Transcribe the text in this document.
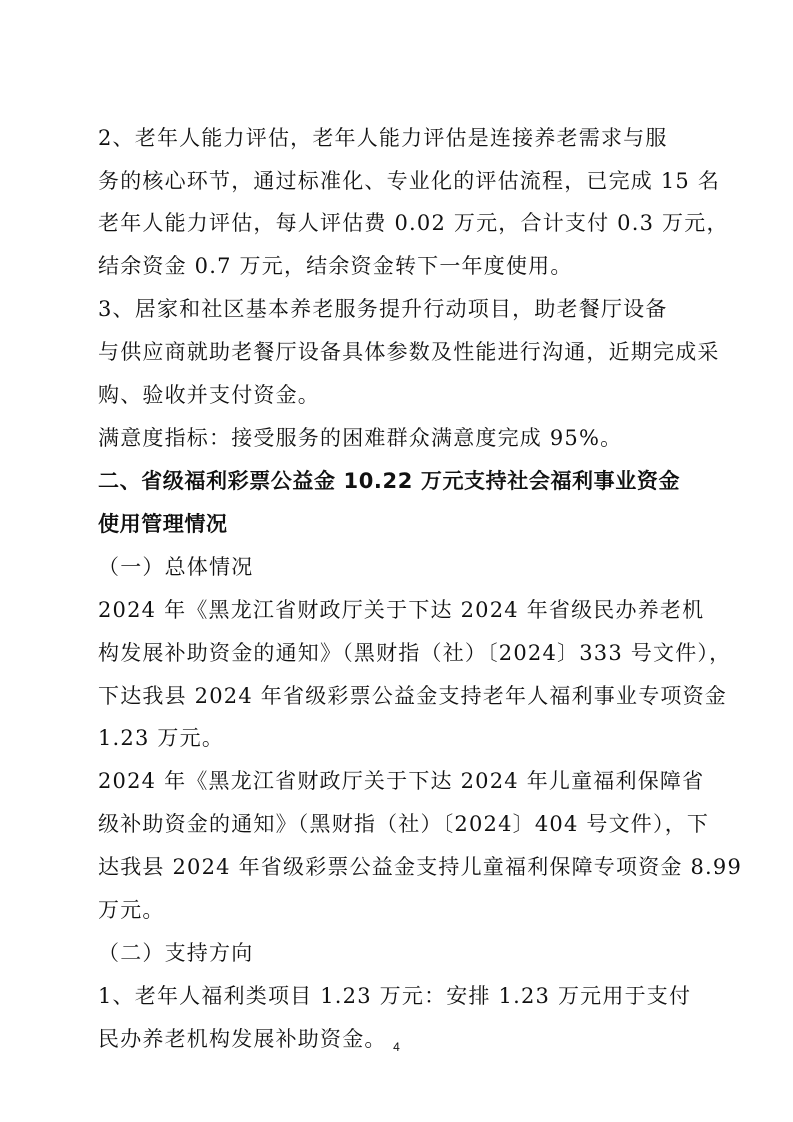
2、老年人能力评估，老年人能力评估是连接养老需求与服
务的核心环节，通过标准化、专业化的评估流程，已完成 15 名
老年人能力评估，每人评估费 0.02 万元，合计支付 0.3 万元，
结余资金 0.7 万元，结余资金转下一年度使用。
3、居家和社区基本养老服务提升行动项目，助老餐厅设备
与供应商就助老餐厅设备具体参数及性能进行沟通，近期完成采
购、验收并支付资金。
满意度指标：接受服务的困难群众满意度完成 95%。
二、省级福利彩票公益金 10.22 万元支持社会福利事业资金
使用管理情况
（一）总体情况
2024 年《黑龙江省财政厅关于下达 2024 年省级民办养老机
构发展补助资金的通知》（黑财指（社）〔2024〕333 号文件），
下达我县 2024 年省级彩票公益金支持老年人福利事业专项资金
1.23 万元。
2024 年《黑龙江省财政厅关于下达 2024 年儿童福利保障省
级补助资金的通知》（黑财指（社）〔2024〕404 号文件），下
达我县 2024 年省级彩票公益金支持儿童福利保障专项资金 8.99
万元。
（二）支持方向
1、老年人福利类项目 1.23 万元：安排 1.23 万元用于支付
民办养老机构发展补助资金。 4
